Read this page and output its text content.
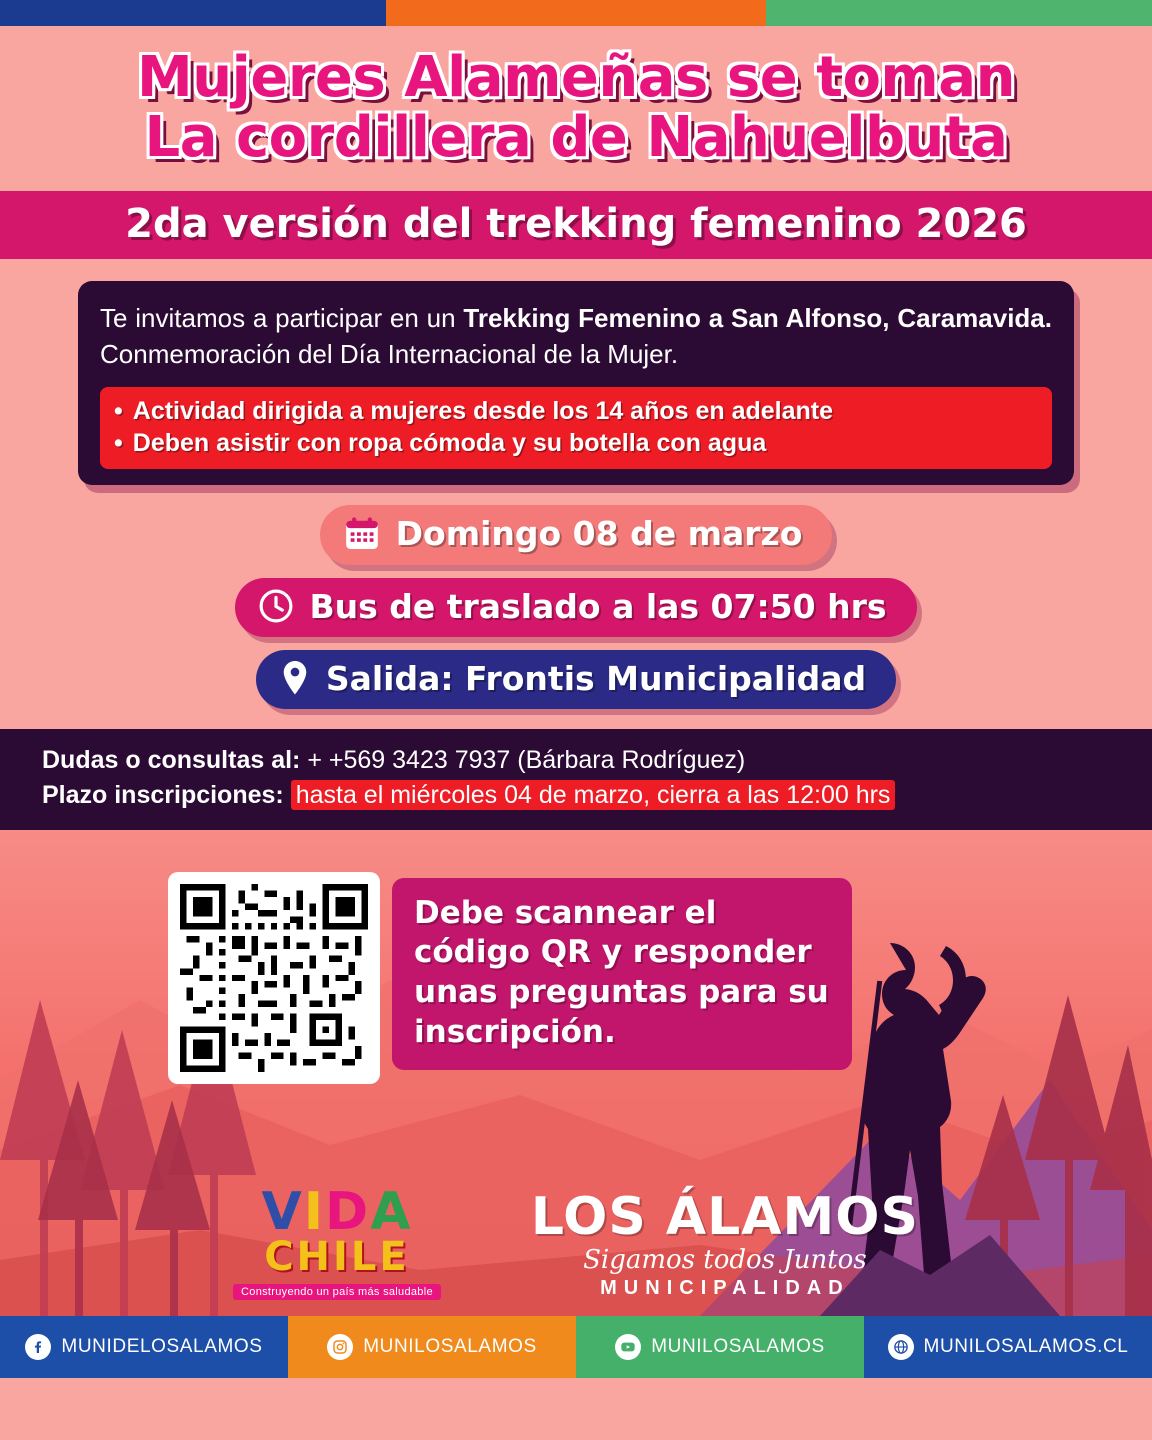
Mujeres Alameñas se toman
La cordillera de Nahuelbuta
2da versión del trekking femenino 2026
Te invitamos a participar en un Trekking Femenino a San Alfonso, Caramavida. Conmemoración del Día Internacional de la Mujer.
• Actividad dirigida a mujeres desde los 14 años en adelante
• Deben asistir con ropa cómoda y su botella con agua
Domingo 08 de marzo
Bus de traslado a las 07:50 hrs
Salida: Frontis Municipalidad
Dudas o consultas al: + +569 3423 7937 (Bárbara Rodríguez)
Plazo inscripciones: hasta el miércoles 04 de marzo, cierra a las 12:00 hrs

Debe scannear el código QR y responder unas preguntas para su inscripción.

VIDA
CHILE
Construyendo un país más saludable
LOS ÁLAMOS
Sigamos todos Juntos
MUNICIPALIDAD
MUNIDELOSALAMOS	MUNILOSALAMOS	MUNILOSALAMOS	MUNILOSALAMOS.CL
